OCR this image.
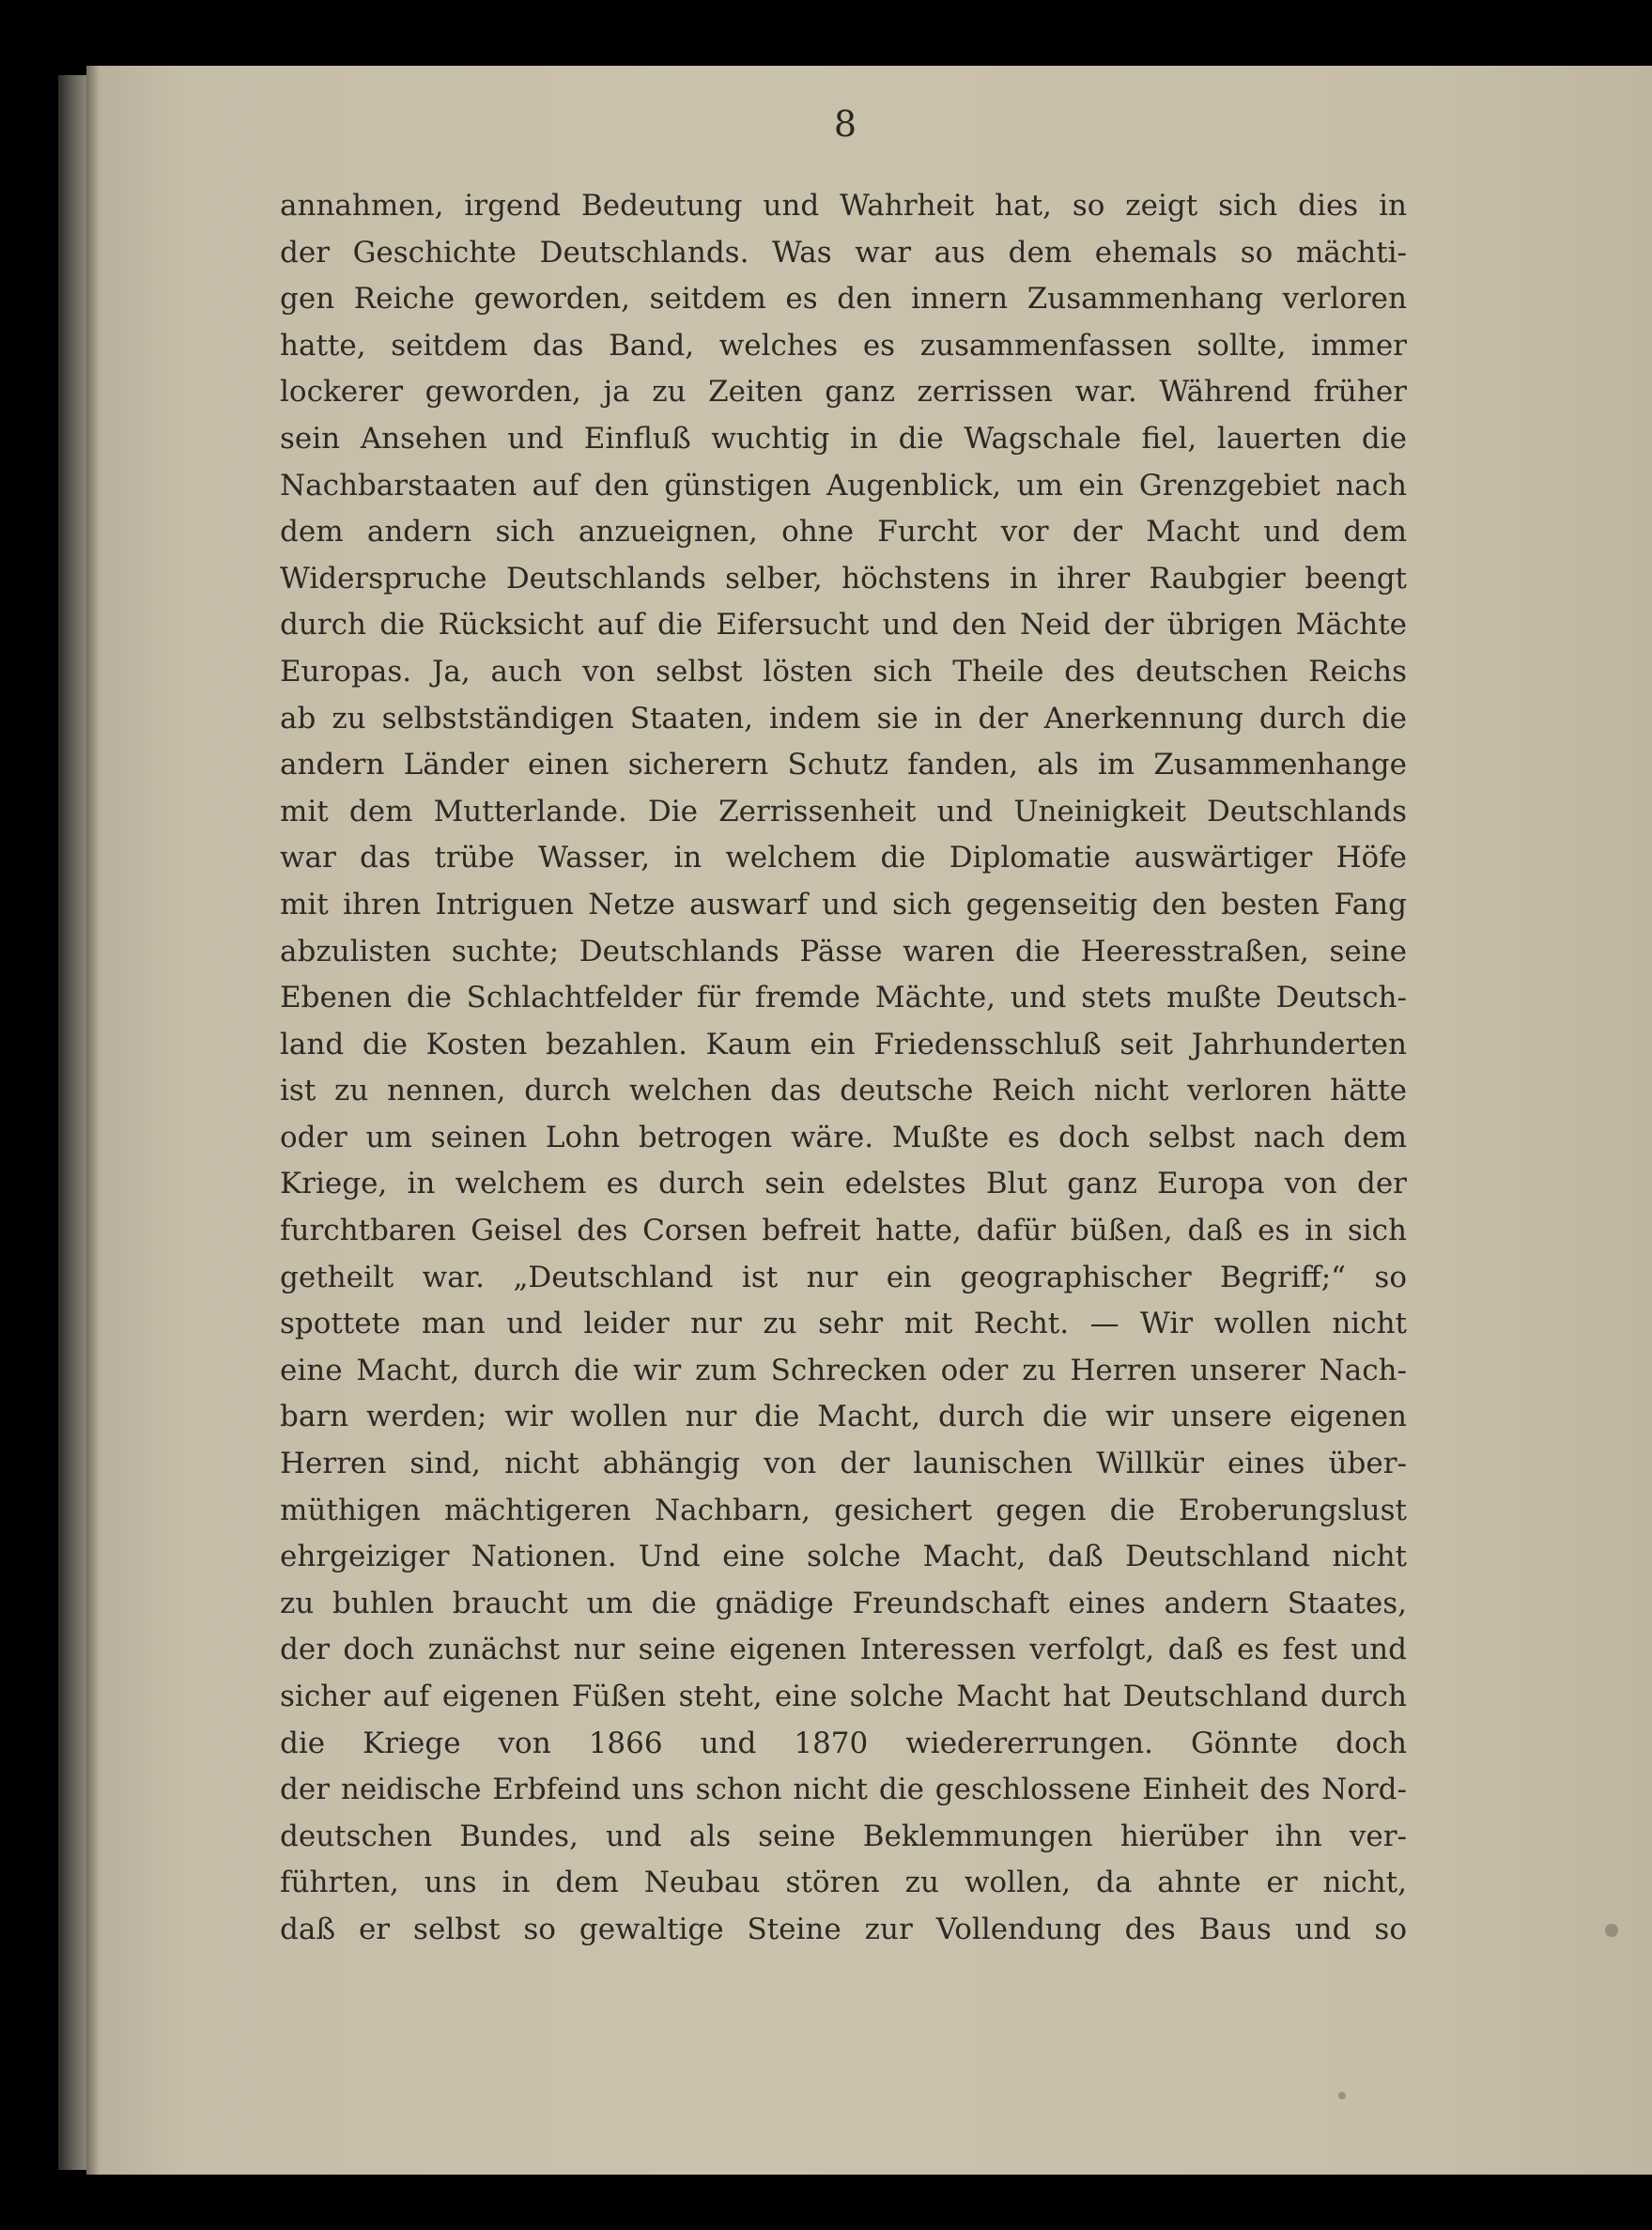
8
annahmen, irgend Bedeutung und Wahrheit hat, so zeigt sich dies in
der Geschichte Deutschlands. Was war aus dem ehemals so mächti-
gen Reiche geworden, seitdem es den innern Zusammenhang verloren
hatte, seitdem das Band, welches es zusammenfassen sollte, immer
lockerer geworden, ja zu Zeiten ganz zerrissen war. Während früher
sein Ansehen und Einfluß wuchtig in die Wagschale fiel, lauerten die
Nachbarstaaten auf den günstigen Augenblick, um ein Grenzgebiet nach
dem andern sich anzueignen, ohne Furcht vor der Macht und dem
Widerspruche Deutschlands selber, höchstens in ihrer Raubgier beengt
durch die Rücksicht auf die Eifersucht und den Neid der übrigen Mächte
Europas. Ja, auch von selbst lösten sich Theile des deutschen Reichs
ab zu selbstständigen Staaten, indem sie in der Anerkennung durch die
andern Länder einen sicherern Schutz fanden, als im Zusammenhange
mit dem Mutterlande. Die Zerrissenheit und Uneinigkeit Deutschlands
war das trübe Wasser, in welchem die Diplomatie auswärtiger Höfe
mit ihren Intriguen Netze auswarf und sich gegenseitig den besten Fang
abzulisten suchte; Deutschlands Pässe waren die Heeresstraßen, seine
Ebenen die Schlachtfelder für fremde Mächte, und stets mußte Deutsch-
land die Kosten bezahlen. Kaum ein Friedensschluß seit Jahrhunderten
ist zu nennen, durch welchen das deutsche Reich nicht verloren hätte
oder um seinen Lohn betrogen wäre. Mußte es doch selbst nach dem
Kriege, in welchem es durch sein edelstes Blut ganz Europa von der
furchtbaren Geisel des Corsen befreit hatte, dafür büßen, daß es in sich
getheilt war. „Deutschland ist nur ein geographischer Begriff;“ so
spottete man und leider nur zu sehr mit Recht. — Wir wollen nicht
eine Macht, durch die wir zum Schrecken oder zu Herren unserer Nach-
barn werden; wir wollen nur die Macht, durch die wir unsere eigenen
Herren sind, nicht abhängig von der launischen Willkür eines über-
müthigen mächtigeren Nachbarn, gesichert gegen die Eroberungslust
ehrgeiziger Nationen. Und eine solche Macht, daß Deutschland nicht
zu buhlen braucht um die gnädige Freundschaft eines andern Staates,
der doch zunächst nur seine eigenen Interessen verfolgt, daß es fest und
sicher auf eigenen Füßen steht, eine solche Macht hat Deutschland durch
die Kriege von 1866 und 1870 wiedererrungen. Gönnte doch
der neidische Erbfeind uns schon nicht die geschlossene Einheit des Nord-
deutschen Bundes, und als seine Beklemmungen hierüber ihn ver-
führten, uns in dem Neubau stören zu wollen, da ahnte er nicht,
daß er selbst so gewaltige Steine zur Vollendung des Baus und so
